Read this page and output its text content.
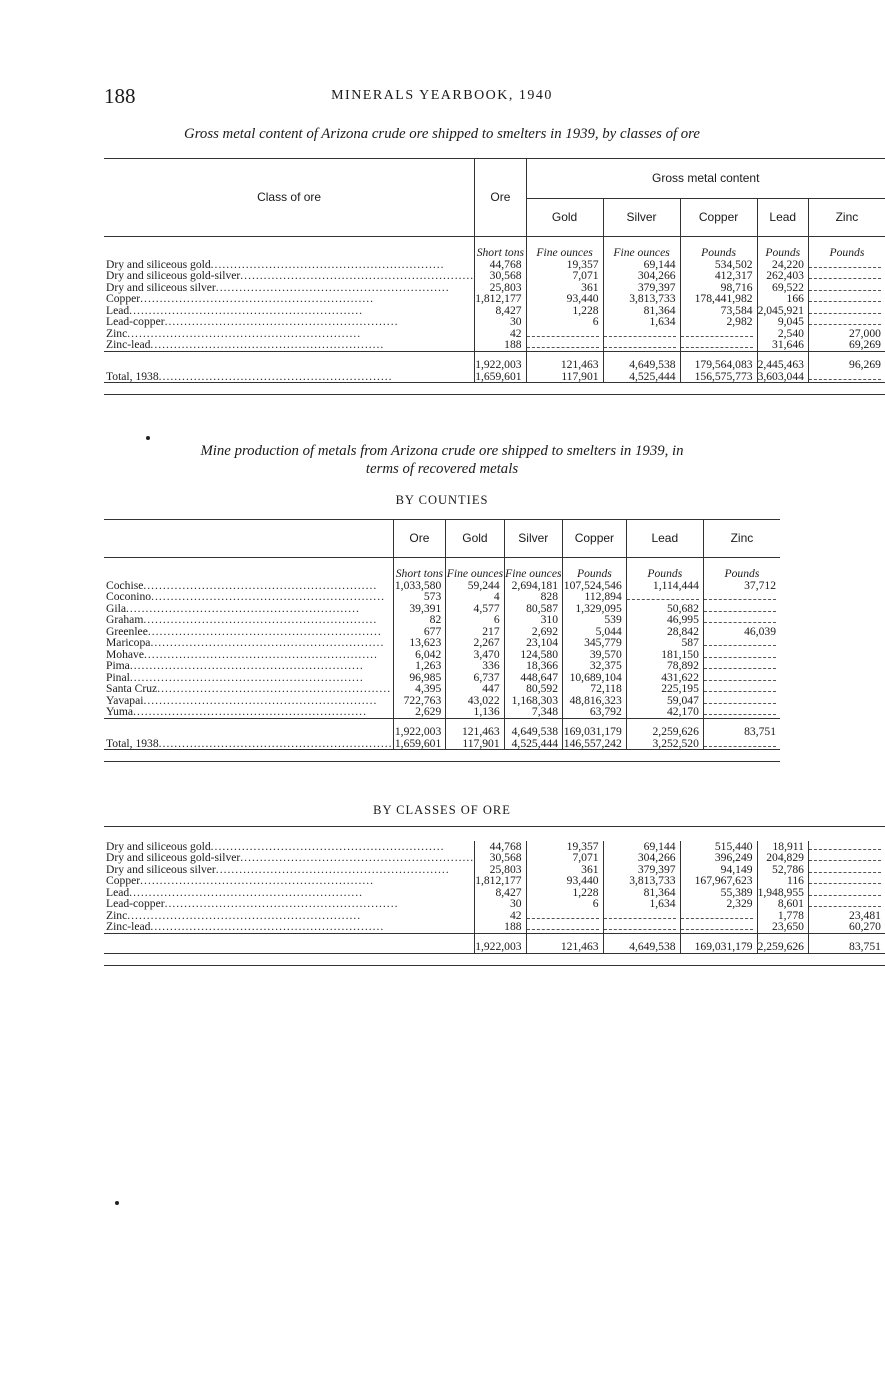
188	MINERALS YEARBOOK, 1940
Gross metal content of Arizona crude ore shipped to smelters in 1939, by classes of ore
Class of ore	Ore	Gross metal content				
		Gold	Silver	Copper	Lead	Zinc
	Short tons	Fine ounces	Fine ounces	Pounds	Pounds	Pounds
Dry and siliceous gold............................................................	44,768	19,357	69,144	534,502	24,220	
Dry and siliceous gold-silver............................................................	30,568	7,071	304,266	412,317	262,403	
Dry and siliceous silver............................................................	25,803	361	379,397	98,716	69,522	
Copper............................................................	1,812,177	93,440	3,813,733	178,441,982	166	
Lead............................................................	8,427	1,228	81,364	73,584	2,045,921	
Lead-copper............................................................	30	6	1,634	2,982	9,045	
Zinc............................................................	42				2,540	27,000
Zinc-lead............................................................	188				31,646	69,269

	1,922,003	121,463	4,649,538	179,564,083	2,445,463	96,269
Total, 1938............................................................	1,659,601	117,901	4,525,444	156,575,773	3,603,044	

Mine production of metals from Arizona crude ore shipped to smelters in 1939, in
terms of recovered metals
BY COUNTIES
	Ore	Gold	Silver	Copper	Lead	Zinc
	Short tons	Fine ounces	Fine ounces	Pounds	Pounds	Pounds
Cochise............................................................	1,033,580	59,244	2,694,181	107,524,546	1,114,444	37,712
Coconino............................................................	573	4	828	112,894		
Gila............................................................	39,391	4,577	80,587	1,329,095	50,682	
Graham............................................................	82	6	310	539	46,995	
Greenlee............................................................	677	217	2,692	5,044	28,842	46,039
Maricopa............................................................	13,623	2,267	23,104	345,779	587	
Mohave............................................................	6,042	3,470	124,580	39,570	181,150	
Pima............................................................	1,263	336	18,366	32,375	78,892	
Pinal............................................................	96,985	6,737	448,647	10,689,104	431,622	
Santa Cruz............................................................	4,395	447	80,592	72,118	225,195	
Yavapai............................................................	722,763	43,022	1,168,303	48,816,323	59,047	
Yuma............................................................	2,629	1,136	7,348	63,792	42,170	

	1,922,003	121,463	4,649,538	169,031,179	2,259,626	83,751
Total, 1938............................................................	1,659,601	117,901	4,525,444	146,557,242	3,252,520	

BY CLASSES OF ORE

Dry and siliceous gold............................................................	44,768	19,357	69,144	515,440	18,911	
Dry and siliceous gold-silver............................................................	30,568	7,071	304,266	396,249	204,829	
Dry and siliceous silver............................................................	25,803	361	379,397	94,149	52,786	
Copper............................................................	1,812,177	93,440	3,813,733	167,967,623	116	
Lead............................................................	8,427	1,228	81,364	55,389	1,948,955	
Lead-copper............................................................	30	6	1,634	2,329	8,601	
Zinc............................................................	42				1,778	23,481
Zinc-lead............................................................	188				23,650	60,270

	1,922,003	121,463	4,649,538	169,031,179	2,259,626	83,751
